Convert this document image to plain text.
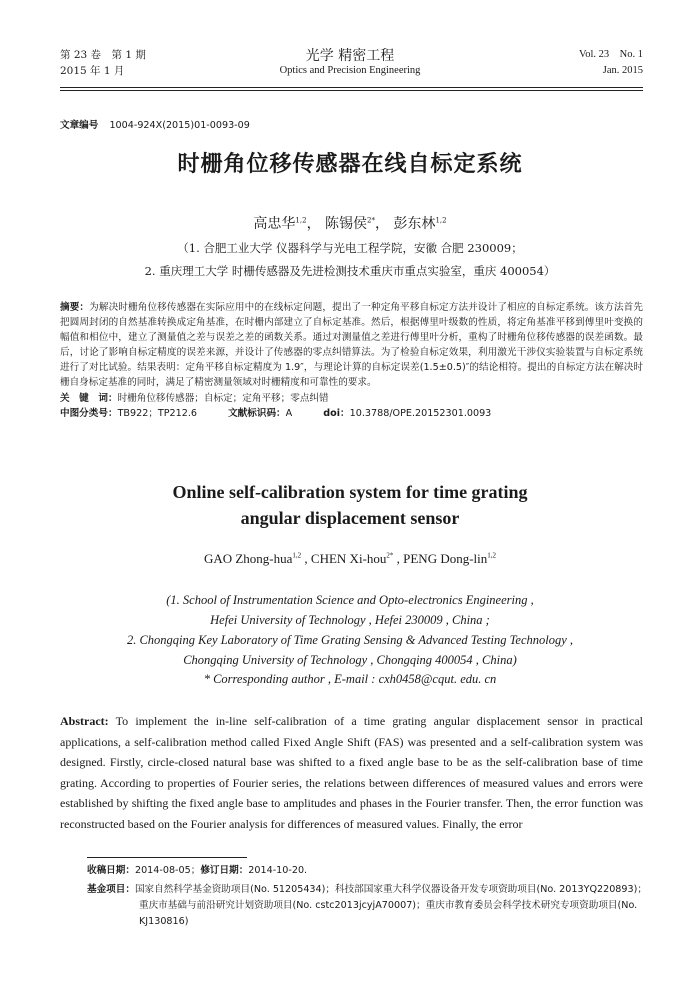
第 23 卷　第 1 期
2015 年 1 月
光学 精密工程
Optics and Precision Engineering
Vol. 23　No. 1
Jan. 2015
文章编号 1004-924X(2015)01-0093-09
时栅角位移传感器在线自标定系统
高忠华$^{1,2}$， 陈锡侯$^{2*}$， 彭东林$^{1,2}$
（1. 合肥工业大学 仪器科学与光电工程学院，安徽 合肥 230009；
2. 重庆理工大学 时栅传感器及先进检测技术重庆市重点实验室，重庆 400054）

摘要：为解决时栅角位移传感器在实际应用中的在线标定问题，提出了一种定角平移自标定方法并设计了相应的自标定系统。该方法首先把圆周封闭的自然基准转换成定角基准，在时栅内部建立了自标定基准。然后，根据傅里叶级数的性质，将定角基准平移到傅里叶变换的幅值和相位中，建立了测量值之差与误差之差的函数关系。通过对测量值之差进行傅里叶分析，重构了时栅角位移传感器的误差函数。最后，讨论了影响自标定精度的误差来源，并设计了传感器的零点纠错算法。为了检验自标定效果，利用激光干涉仪实验装置与自标定系统进行了对比试验。结果表明：定角平移自标定精度为 1.9″，与理论计算的自标定误差(1.5±0.5)″的结论相符。提出的自标定方法在解决时栅自身标定基准的同时，满足了精密测量领域对时栅精度和可靠性的要求。

关　键　词：时栅角位移传感器；自标定；定角平移；零点纠错

中图分类号：TB922；TP212.6	文献标识码：A	doi：10.3788/OPE.20152301.0093

Online self-calibration system for time grating
angular displacement sensor
GAO Zhong-hua$^{1,2}$ , CHEN Xi-hou$^{2*}$ , PENG Dong-lin$^{1,2}$
(1. School of Instrumentation Science and Opto-electronics Engineering ,
Hefei University of Technology , Hefei 230009 , China ;
2. Chongqing Key Laboratory of Time Grating Sensing & Advanced Testing Technology ,
Chongqing University of Technology , Chongqing 400054 , China)
* Corresponding author , E-mail : cxh0458@cqut. edu. cn
Abstract: To implement the in-line self-calibration of a time grating angular displacement sensor in practical applications, a self-calibration method called Fixed Angle Shift (FAS) was presented and a self-calibration system was designed. Firstly, circle-closed natural base was shifted to a fixed angle base to be as the self-calibration base of time grating. According to properties of Fourier series, the relations between differences of measured values and errors were established by shifting the fixed angle base to amplitudes and phases in the Fourier transfer. Then, the error function was reconstructed based on the Fourier analysis for differences of measured values. Finally, the error
收稿日期：2014-08-05；修订日期：2014-10-20.
基金项目：国家自然科学基金资助项目(No. 51205434)；科技部国家重大科学仪器设备开发专项资助项目(No. 2013YQ220893)；重庆市基础与前沿研究计划资助项目(No. cstc2013jcyjA70007)；重庆市教育委员会科学技术研究专项资助项目(No. KJ130816)
